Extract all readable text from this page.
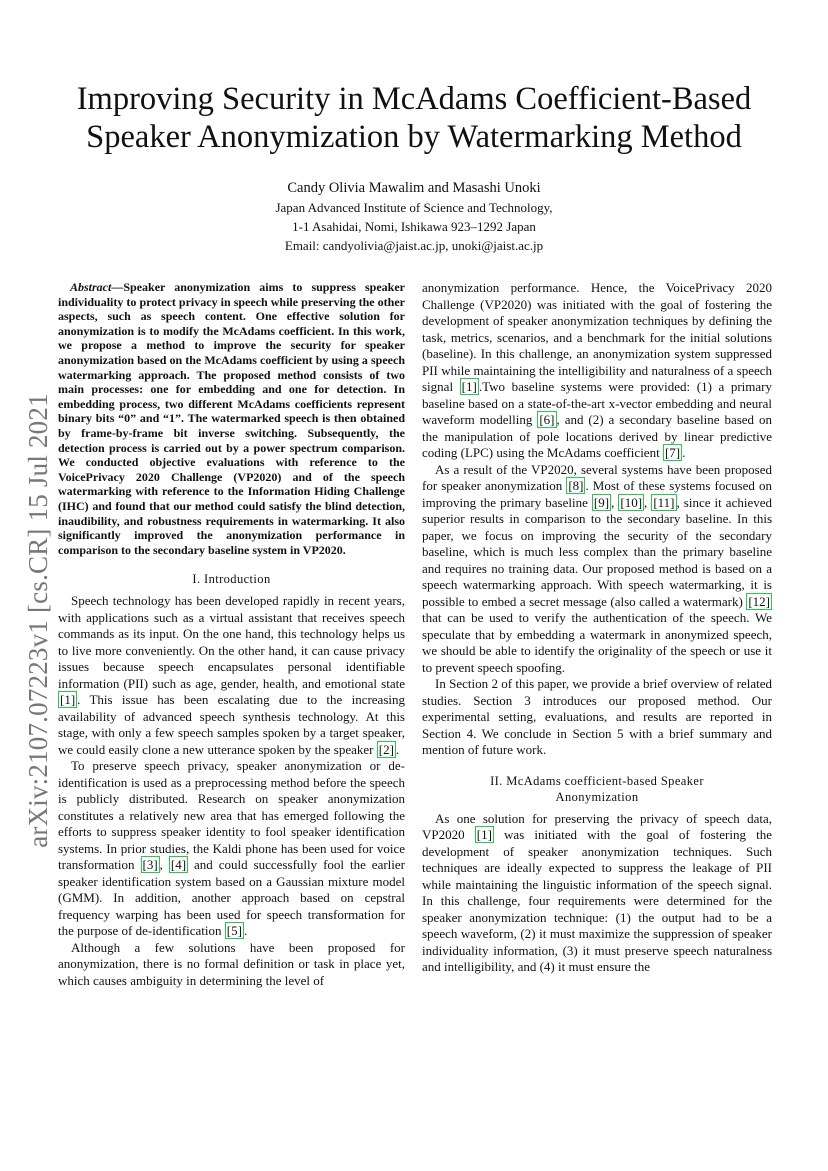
arXiv:2107.07223v1 [cs.CR] 15 Jul 2021
Improving Security in McAdams Coefficient-Based
Speaker Anonymization by Watermarking Method
Candy Olivia Mawalim and Masashi Unoki
Japan Advanced Institute of Science and Technology,
1-1 Asahidai, Nomi, Ishikawa 923–1292 Japan
Email: candyolivia@jaist.ac.jp, unoki@jaist.ac.jp

Abstract—Speaker anonymization aims to suppress speaker individuality to protect privacy in speech while preserving the other aspects, such as speech content. One effective solution for anonymization is to modify the McAdams coefficient. In this work, we propose a method to improve the security for speaker anonymization based on the McAdams coefficient by using a speech watermarking approach. The proposed method consists of two main processes: one for embedding and one for detection. In embedding process, two different McAdams coefficients represent binary bits “0” and “1”. The watermarked speech is then obtained by frame-by-frame bit inverse switching. Subsequently, the detection process is carried out by a power spectrum comparison. We conducted objective evaluations with reference to the VoicePrivacy 2020 Challenge (VP2020) and of the speech watermarking with reference to the Information Hiding Challenge (IHC) and found that our method could satisfy the blind detection, inaudibility, and robustness requirements in watermarking. It also significantly improved the anonymization performance in comparison to the secondary baseline system in VP2020.

I. Introduction

Speech technology has been developed rapidly in recent years, with applications such as a virtual assistant that receives speech commands as its input. On the one hand, this technology helps us to live more conveniently. On the other hand, it can cause privacy issues because speech encapsulates personal identifiable information (PII) such as age, gender, health, and emotional state [1] . This issue has been escalating due to the increasing availability of advanced speech synthesis technology. At this stage, with only a few speech samples spoken by a target speaker, we could easily clone a new utterance spoken by the speaker [2] .

To preserve speech privacy, speaker anonymization or de-identification is used as a preprocessing method before the speech is publicly distributed. Research on speaker anonymization constitutes a relatively new area that has emerged following the efforts to suppress speaker identity to fool speaker identification systems. In prior studies, the Kaldi phone has been used for voice transformation [3] , [4] and could successfully fool the earlier speaker identification system based on a Gaussian mixture model (GMM). In addition, another approach based on cepstral frequency warping has been used for speech transformation for the purpose of de-identification [5] .

Although a few solutions have been proposed for anonymization, there is no formal definition or task in place yet, which causes ambiguity in determining the level of

anonymization performance. Hence, the VoicePrivacy 2020 Challenge (VP2020) was initiated with the goal of fostering the development of speaker anonymization techniques by defining the task, metrics, scenarios, and a benchmark for the initial solutions (baseline). In this challenge, an anonymization system suppressed PII while maintaining the intelligibility and naturalness of a speech signal [1] .Two baseline systems were provided: (1) a primary baseline based on a state-of-the-art x-vector embedding and neural waveform modelling [6] , and (2) a secondary baseline based on the manipulation of pole locations derived by linear predictive coding (LPC) using the McAdams coefficient [7] .

As a result of the VP2020, several systems have been proposed for speaker anonymization [8] . Most of these systems focused on improving the primary baseline [9] , [10] , [11] , since it achieved superior results in comparison to the secondary baseline. In this paper, we focus on improving the security of the secondary baseline, which is much less complex than the primary baseline and requires no training data. Our proposed method is based on a speech watermarking approach. With speech watermarking, it is possible to embed a secret message (also called a watermark) [12] that can be used to verify the authentication of the speech. We speculate that by embedding a watermark in anonymized speech, we should be able to identify the originality of the speech or use it to prevent speech spoofing.

In Section 2 of this paper, we provide a brief overview of related studies. Section 3 introduces our proposed method. Our experimental setting, evaluations, and results are reported in Section 4. We conclude in Section 5 with a brief summary and mention of future work.

II. McAdams coefficient-based Speaker
Anonymization

As one solution for preserving the privacy of speech data, VP2020 [1] was initiated with the goal of fostering the development of speaker anonymization techniques. Such techniques are ideally expected to suppress the leakage of PII while maintaining the linguistic information of the speech signal. In this challenge, four requirements were determined for the speaker anonymization technique: (1) the output had to be a speech waveform, (2) it must maximize the suppression of speaker individuality information, (3) it must preserve speech naturalness and intelligibility, and (4) it must ensure the
